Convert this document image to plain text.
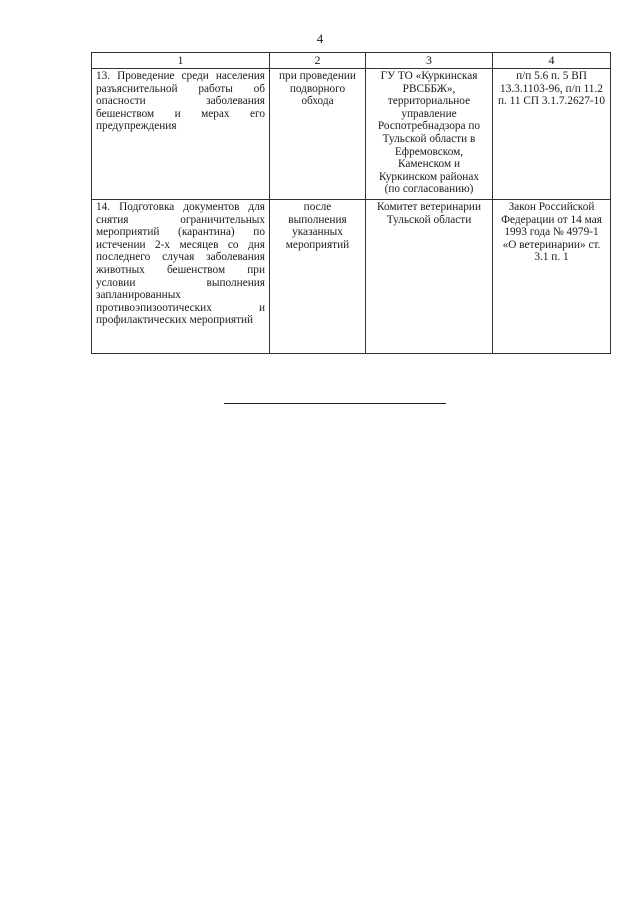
4
1	2	3	4
13. Проведение среди населения разъяснительной работы об опасности заболевания бешенством и мерах его предупреждения	при проведении подворного обхода	ГУ ТО «Куркинская РВСББЖ», территориальное управление Роспотребнадзора по Тульской области в Ефремовском, Каменском и Куркинском районах (по согласованию)	п/п 5.6 п. 5 ВП 13.3.1103-96, п/п 11.2 п. 11 СП 3.1.7.2627-10
14. Подготовка документов для снятия ограничительных мероприятий (карантина) по истечении 2-х месяцев со дня последнего случая заболевания животных бешенством при условии выполнения запланированных противоэпизоотических и профилактических мероприятий	после выполнения указанных мероприятий	Комитет ветеринарии Тульской области	Закон Российской Федерации от 14 мая 1993 года № 4979-1 «О ветеринарии» ст. 3.1 п. 1
